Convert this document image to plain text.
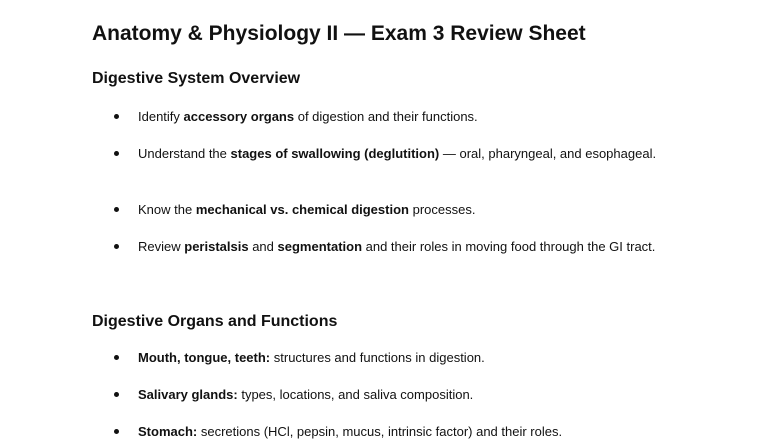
Anatomy & Physiology II — Exam 3 Review Sheet
Digestive System Overview
Identify accessory organs of digestion and their functions.
Understand the stages of swallowing (deglutition) — oral, pharyngeal, and esophageal.
Know the mechanical vs. chemical digestion processes.
Review peristalsis and segmentation and their roles in moving food through the GI tract.
Digestive Organs and Functions
Mouth, tongue, teeth: structures and functions in digestion.
Salivary glands: types, locations, and saliva composition.
Stomach: secretions (HCl, pepsin, mucus, intrinsic factor) and their roles.
